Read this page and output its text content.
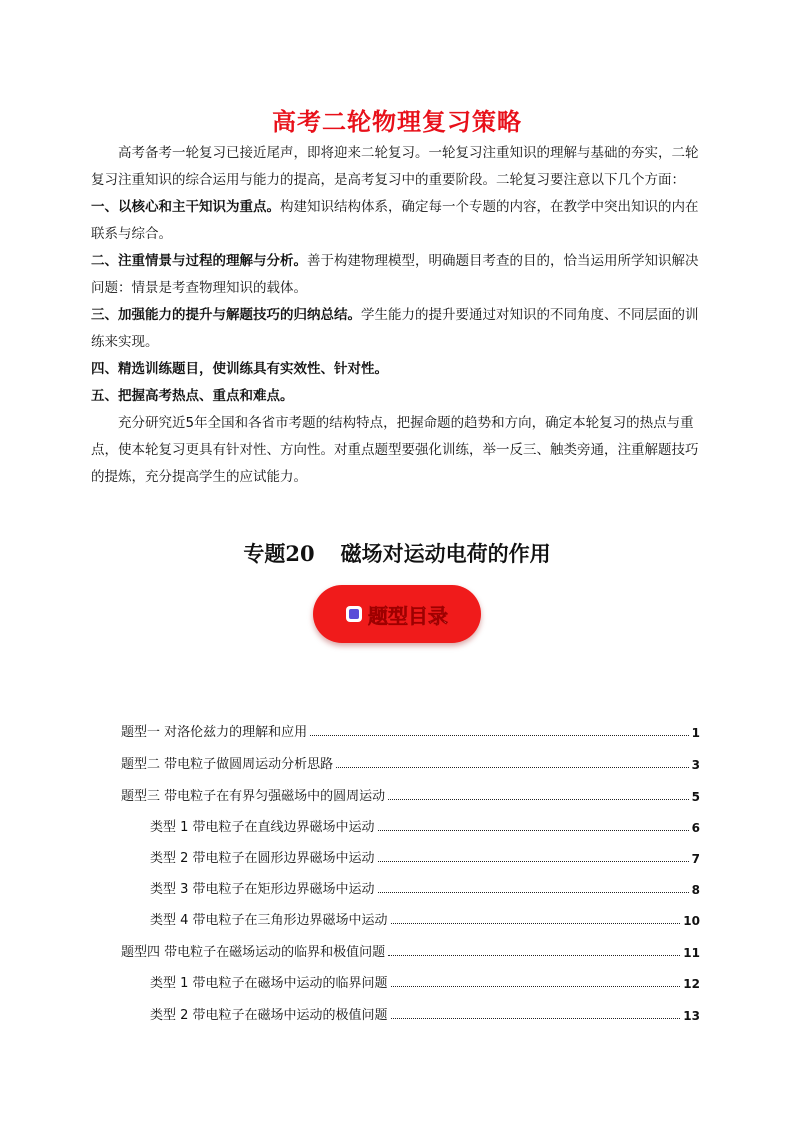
高考二轮物理复习策略

高考备考一轮复习已接近尾声，即将迎来二轮复习。一轮复习注重知识的理解与基础的夯实，二轮复习注重知识的综合运用与能力的提高，是高考复习中的重要阶段。二轮复习要注意以下几个方面：

一、以核心和主干知识为重点。构建知识结构体系，确定每一个专题的内容，在教学中突出知识的内在联系与综合。

二、注重情景与过程的理解与分析。善于构建物理模型，明确题目考查的目的，恰当运用所学知识解决问题：情景是考查物理知识的载体。

三、加强能力的提升与解题技巧的归纳总结。学生能力的提升要通过对知识的不同角度、不同层面的训练来实现。

四、精选训练题目，使训练具有实效性、针对性。

五、把握高考热点、重点和难点。

充分研究近5年全国和各省市考题的结构特点，把握命题的趋势和方向，确定本轮复习的热点与重点，使本轮复习更具有针对性、方向性。对重点题型要强化训练，举一反三、触类旁通，注重解题技巧的提炼，充分提高学生的应试能力。

专题20 磁场对运动电荷的作用
题型目录
题型一 对洛伦兹力的理解和应用	1
题型二 带电粒子做圆周运动分析思路	3
题型三 带电粒子在有界匀强磁场中的圆周运动	5
类型 1 带电粒子在直线边界磁场中运动	6
类型 2 带电粒子在圆形边界磁场中运动	7
类型 3 带电粒子在矩形边界磁场中运动	8
类型 4 带电粒子在三角形边界磁场中运动	10
题型四 带电粒子在磁场运动的临界和极值问题	11
类型 1 带电粒子在磁场中运动的临界问题	12
类型 2 带电粒子在磁场中运动的极值问题	13
